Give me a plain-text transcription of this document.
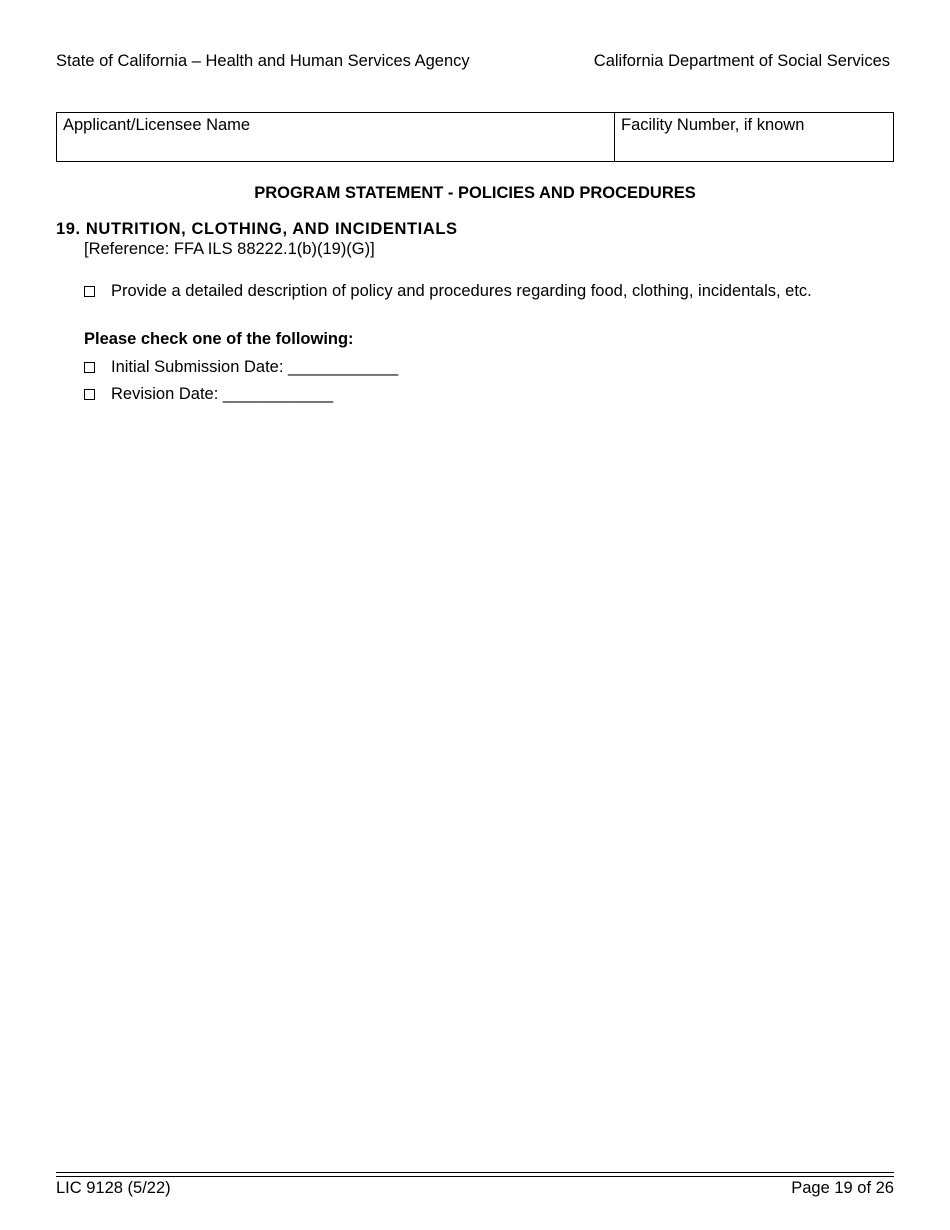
State of California – Health and Human Services Agency	California Department of Social Services
Applicant/Licensee Name	Facility Number, if known
PROGRAM STATEMENT - POLICIES AND PROCEDURES
19. NUTRITION, CLOTHING, AND INCIDENTIALS
[Reference: FFA ILS 88222.1(b)(19)(G)]
Provide a detailed description of policy and procedures regarding food, clothing, incidentals, etc.
Please check one of the following:
Initial Submission Date: ____________
Revision Date: ____________
LIC 9128 (5/22)	Page 19 of 26
